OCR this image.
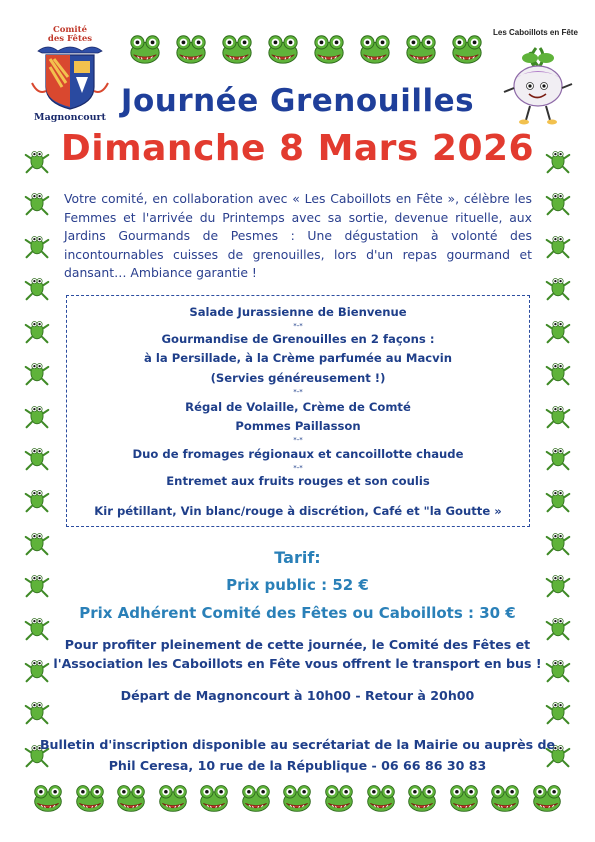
Comité
des Fêtes
Magnoncourt
Les Caboillots en Fête
Journée Grenouilles
Dimanche 8 Mars 2026
Votre comité, en collaboration avec « Les Caboillots en Fête », célèbre les
Femmes et l'arrivée du Printemps avec sa sortie, devenue rituelle, aux
Jardins Gourmands de Pesmes : Une dégustation à volonté des
incontournables cuisses de grenouilles, lors d'un repas gourmand et
dansant… Ambiance garantie !
Salade Jurassienne de Bienvenue
*-*
Gourmandise de Grenouilles en 2 façons :
à la Persillade, à la Crème parfumée au Macvin
(Servies généreusement !)
*-*
Régal de Volaille, Crème de Comté
Pommes Paillasson
*-*
Duo de fromages régionaux et cancoillotte chaude
*-*
Entremet aux fruits rouges et son coulis
Kir pétillant, Vin blanc/rouge à discrétion, Café et "la Goutte »
Tarif:
Prix public : 52 €
Prix Adhérent Comité des Fêtes ou Caboillots : 30 €
Pour profiter pleinement de cette journée, le Comité des Fêtes et
l'Association les Caboillots en Fête vous offrent le transport en bus !
Départ de Magnoncourt à 10h00 - Retour à 20h00
Bulletin d'inscription disponible au secrétariat de la Mairie ou auprès de
Phil Ceresa, 10 rue de la République - 06 66 86 30 83
